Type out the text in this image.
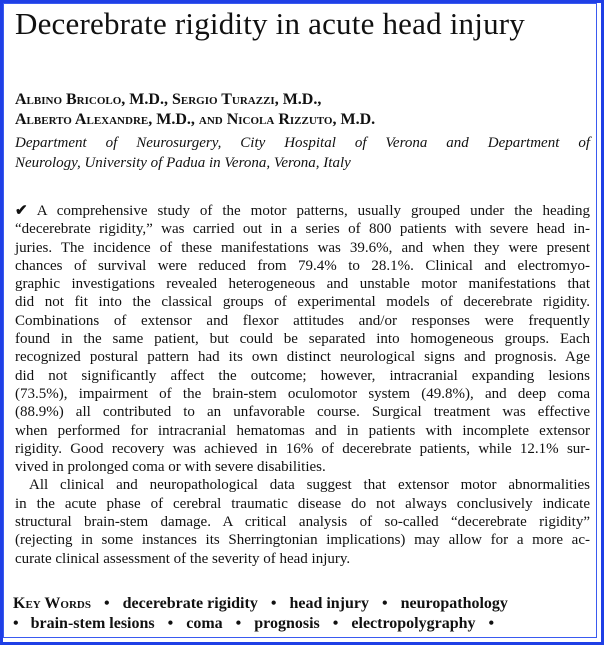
Decerebrate rigidity in acute head injury
Albino Bricolo, M.D., Sergio Turazzi, M.D.,
Alberto Alexandre, M.D., and Nicola Rizzuto, M.D.
Department of Neurosurgery, City Hospital of Verona and Department of
Neurology, University of Padua in Verona, Verona, Italy
✔ A comprehensive study of the motor patterns, usually grouped under the heading
“decerebrate rigidity,” was carried out in a series of 800 patients with severe head in-
juries. The incidence of these manifestations was 39.6%, and when they were present
chances of survival were reduced from 79.4% to 28.1%. Clinical and electromyo-
graphic investigations revealed heterogeneous and unstable motor manifestations that
did not fit into the classical groups of experimental models of decerebrate rigidity.
Combinations of extensor and flexor attitudes and/or responses were frequently
found in the same patient, but could be separated into homogeneous groups. Each
recognized postural pattern had its own distinct neurological signs and prognosis. Age
did not significantly affect the outcome; however, intracranial expanding lesions
(73.5%), impairment of the brain-stem oculomotor system (49.8%), and deep coma
(88.9%) all contributed to an unfavorable course. Surgical treatment was effective
when performed for intracranial hematomas and in patients with incomplete extensor
rigidity. Good recovery was achieved in 16% of decerebrate patients, while 12.1% sur-
vived in prolonged coma or with severe disabilities.
All clinical and neuropathological data suggest that extensor motor abnormalities
in the acute phase of cerebral traumatic disease do not always conclusively indicate
structural brain-stem damage. A critical analysis of so-called “decerebrate rigidity”
(rejecting in some instances its Sherringtonian implications) may allow for a more ac-
curate clinical assessment of the severity of head injury.
Key Words • decerebrate rigidity • head injury • neuropathology
• brain-stem lesions • coma • prognosis • electropolygraphy •
